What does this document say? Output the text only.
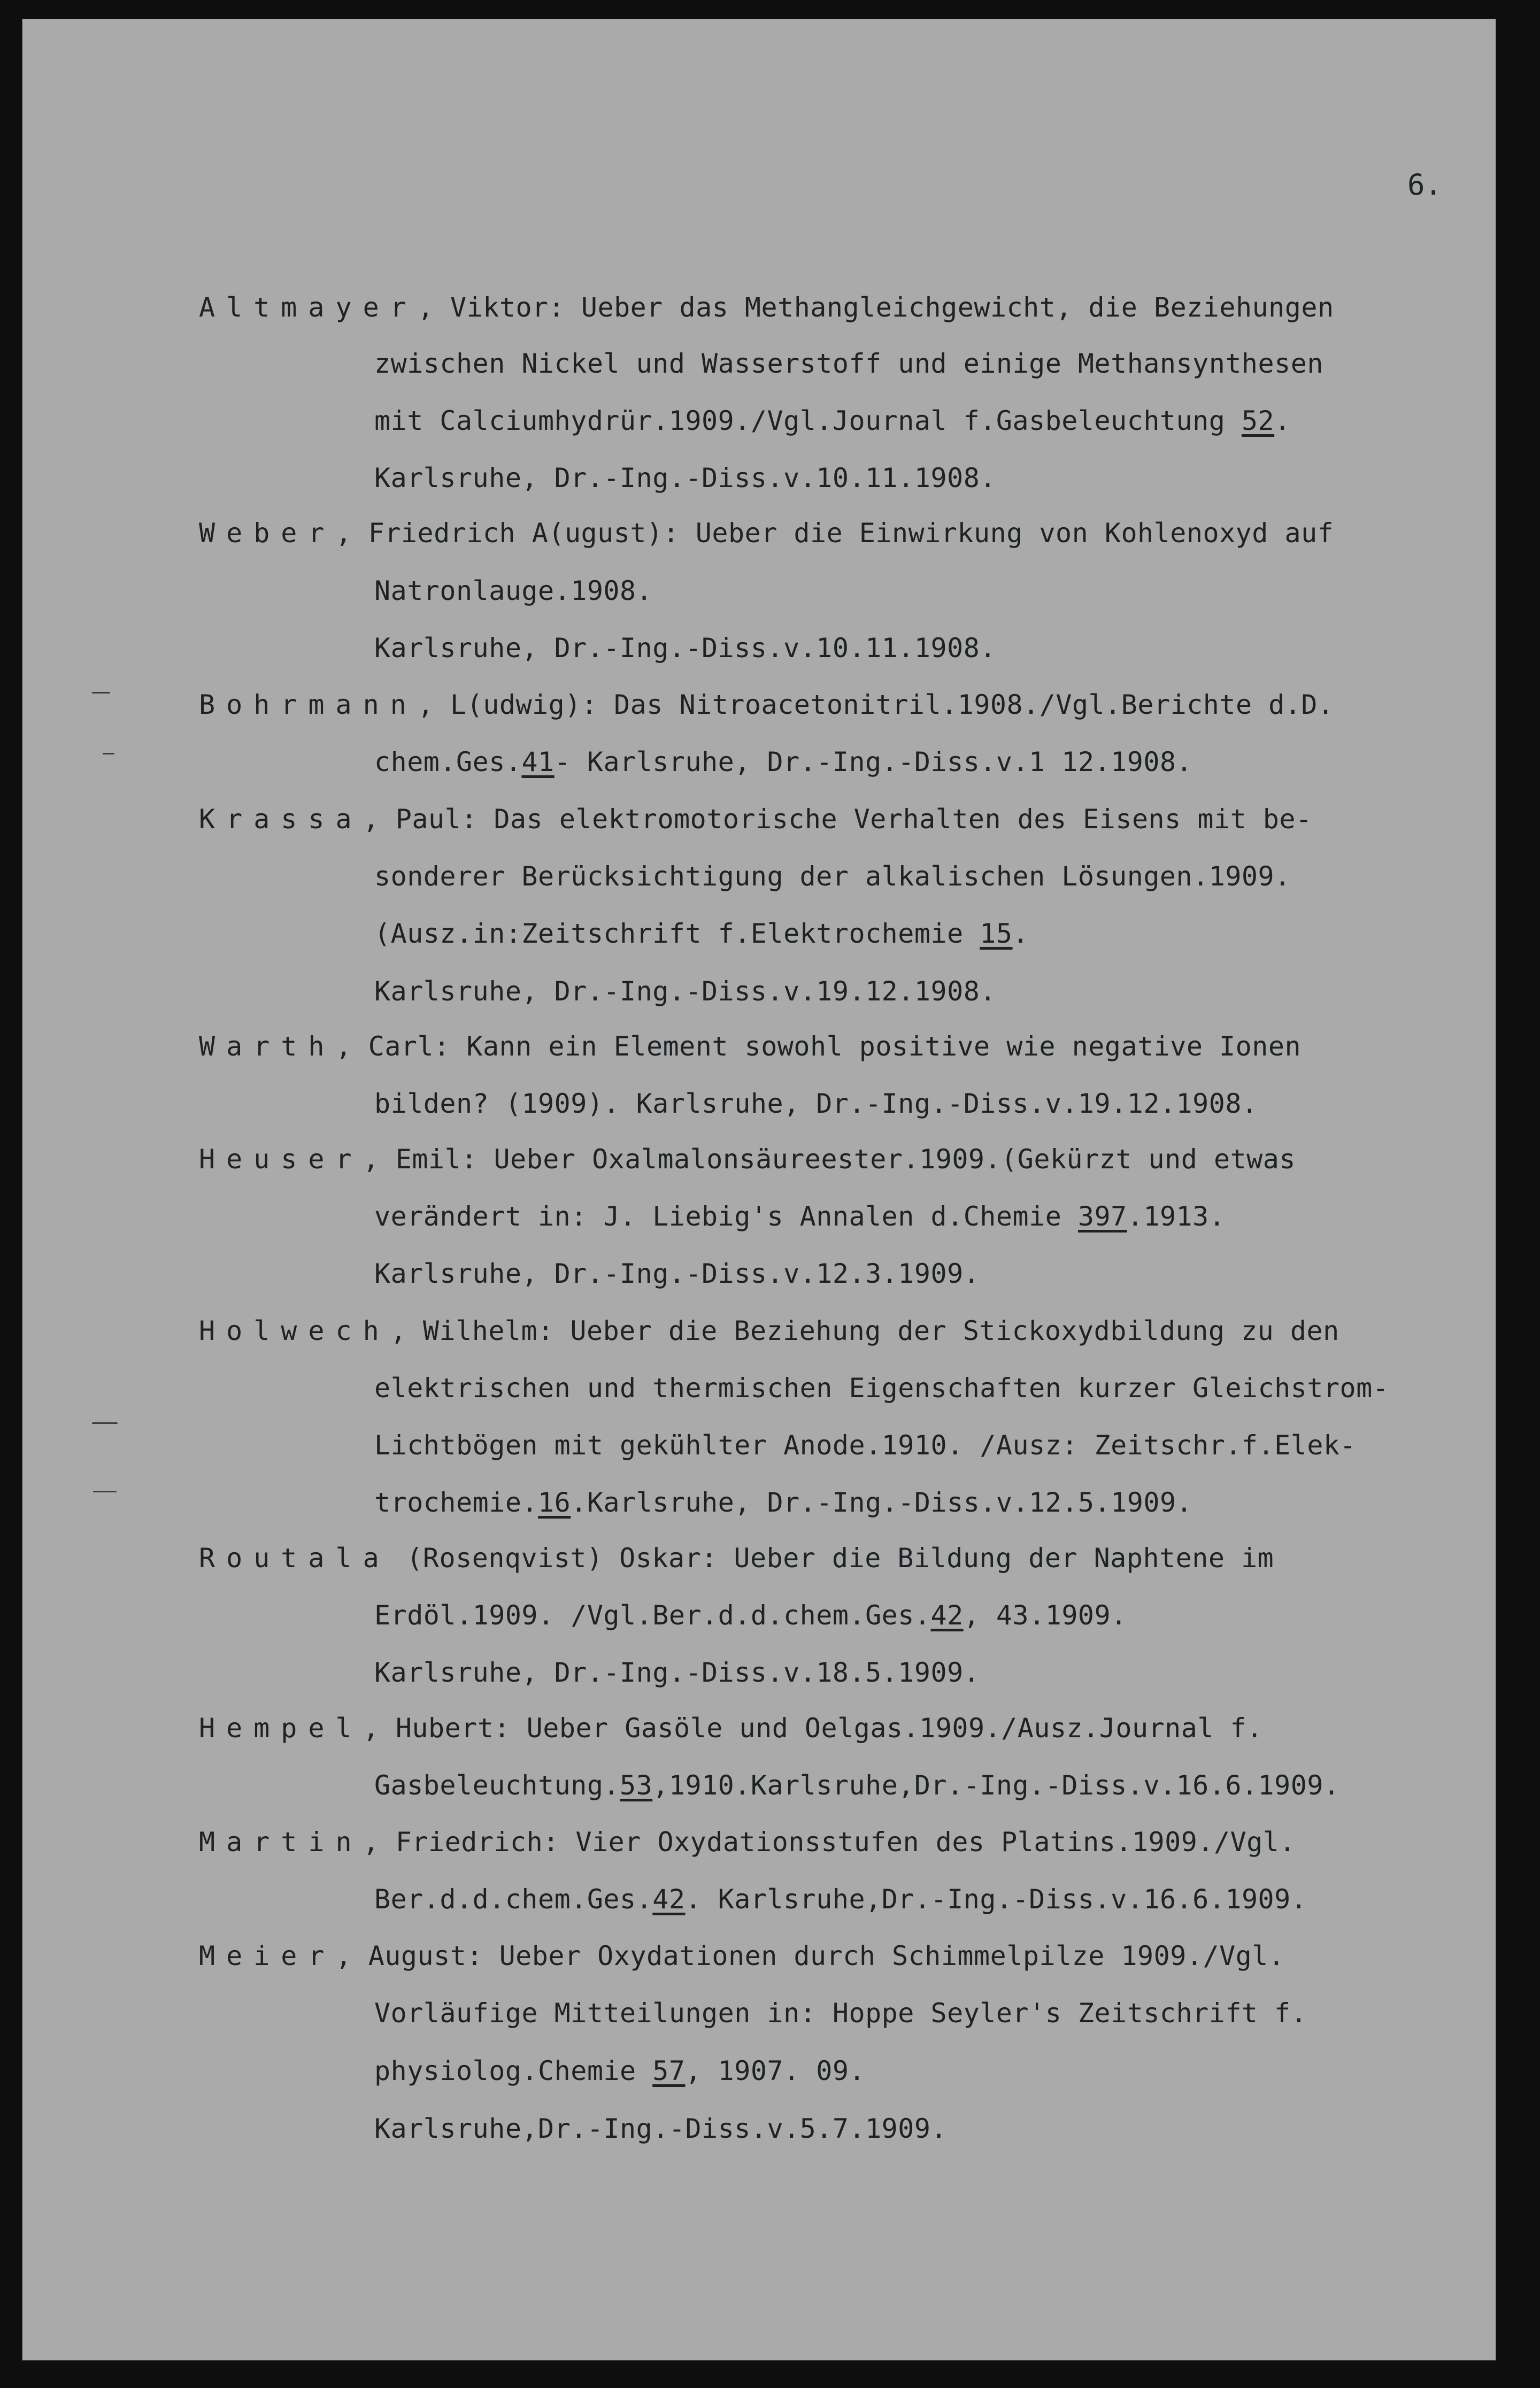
6.
Altmayer, Viktor: Ueber das Methangleichgewicht, die Beziehungen
zwischen Nickel und Wasserstoff und einige Methansynthesen
mit Calciumhydrür.1909./Vgl.Journal f.Gasbeleuchtung 52.
Karlsruhe, Dr.-Ing.-Diss.v.10.11.1908.
Weber, Friedrich A(ugust): Ueber die Einwirkung von Kohlenoxyd auf
Natronlauge.1908.
Karlsruhe, Dr.-Ing.-Diss.v.10.11.1908.
Bohrmann, L(udwig): Das Nitroacetonitril.1908./Vgl.Berichte d.D.
chem.Ges.41- Karlsruhe, Dr.-Ing.-Diss.v.1 12.1908.
Krassa, Paul: Das elektromotorische Verhalten des Eisens mit be-
sonderer Berücksichtigung der alkalischen Lösungen.1909.
(Ausz.in:Zeitschrift f.Elektrochemie 15.
Karlsruhe, Dr.-Ing.-Diss.v.19.12.1908.
Warth, Carl: Kann ein Element sowohl positive wie negative Ionen
bilden? (1909). Karlsruhe, Dr.-Ing.-Diss.v.19.12.1908.
Heuser, Emil: Ueber Oxalmalonsäureester.1909.(Gekürzt und etwas
verändert in: J. Liebig's Annalen d.Chemie 397.1913.
Karlsruhe, Dr.-Ing.-Diss.v.12.3.1909.
Holwech, Wilhelm: Ueber die Beziehung der Stickoxydbildung zu den
elektrischen und thermischen Eigenschaften kurzer Gleichstrom-
Lichtbögen mit gekühlter Anode.1910. /Ausz: Zeitschr.f.Elek-
trochemie.16.Karlsruhe, Dr.-Ing.-Diss.v.12.5.1909.
Routala (Rosenqvist) Oskar: Ueber die Bildung der Naphtene im
Erdöl.1909. /Vgl.Ber.d.d.chem.Ges.42, 43.1909.
Karlsruhe, Dr.-Ing.-Diss.v.18.5.1909.
Hempel, Hubert: Ueber Gasöle und Oelgas.1909./Ausz.Journal f.
Gasbeleuchtung.53,1910.Karlsruhe,Dr.-Ing.-Diss.v.16.6.1909.
Martin, Friedrich: Vier Oxydationsstufen des Platins.1909./Vgl.
Ber.d.d.chem.Ges.42. Karlsruhe,Dr.-Ing.-Diss.v.16.6.1909.
Meier, August: Ueber Oxydationen durch Schimmelpilze 1909./Vgl.
Vorläufige Mitteilungen in: Hoppe Seyler's Zeitschrift f.
physiolog.Chemie 57, 1907. 09.
Karlsruhe,Dr.-Ing.-Diss.v.5.7.1909.
